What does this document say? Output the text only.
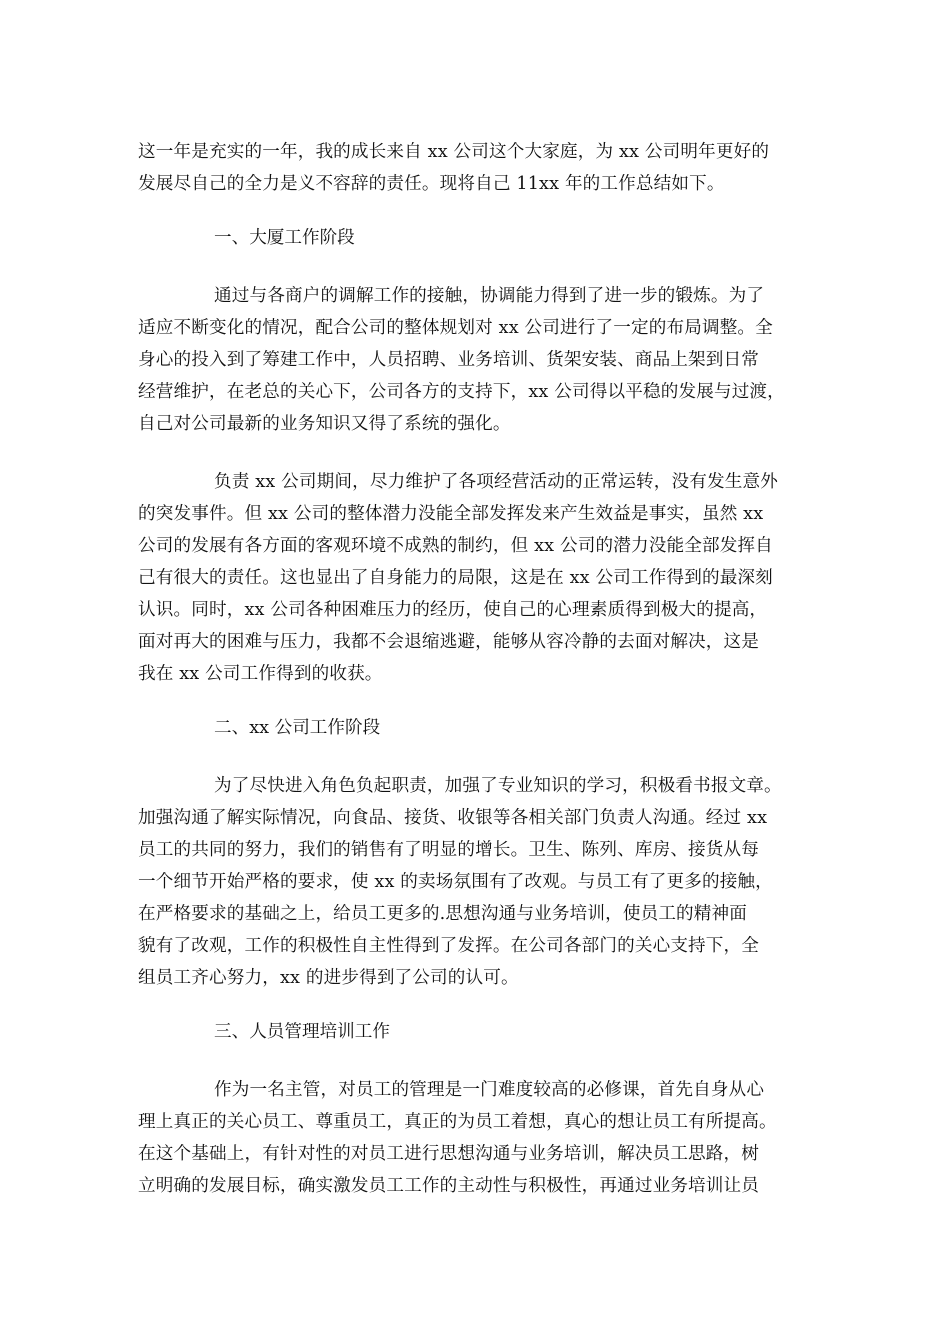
这一年是充实的一年，我的成长来自 xx 公司这个大家庭，为 xx 公司明年更好的
发展尽自己的全力是义不容辞的责任。现将自己 11xx 年的工作总结如下。
一、大厦工作阶段
通过与各商户的调解工作的接触，协调能力得到了进一步的锻炼。为了
适应不断变化的情况，配合公司的整体规划对 xx 公司进行了一定的布局调整。全
身心的投入到了筹建工作中，人员招聘、业务培训、货架安装、商品上架到日常
经营维护，在老总的关心下，公司各方的支持下，xx 公司得以平稳的发展与过渡，
自己对公司最新的业务知识又得了系统的强化。
负责 xx 公司期间，尽力维护了各项经营活动的正常运转，没有发生意外
的突发事件。但 xx 公司的整体潜力没能全部发挥发来产生效益是事实，虽然 xx
公司的发展有各方面的客观环境不成熟的制约，但 xx 公司的潜力没能全部发挥自
己有很大的责任。这也显出了自身能力的局限，这是在 xx 公司工作得到的最深刻
认识。同时，xx 公司各种困难压力的经历，使自己的心理素质得到极大的提高，
面对再大的困难与压力，我都不会退缩逃避，能够从容冷静的去面对解决，这是
我在 xx 公司工作得到的收获。
二、xx 公司工作阶段
为了尽快进入角色负起职责，加强了专业知识的学习，积极看书报文章。
加强沟通了解实际情况，向食品、接货、收银等各相关部门负责人沟通。经过 xx
员工的共同的努力，我们的销售有了明显的增长。卫生、陈列、库房、接货从每
一个细节开始严格的要求，使 xx 的卖场氛围有了改观。与员工有了更多的接触，
在严格要求的基础之上，给员工更多的.思想沟通与业务培训，使员工的精神面
貌有了改观，工作的积极性自主性得到了发挥。在公司各部门的关心支持下，全
组员工齐心努力，xx 的进步得到了公司的认可。
三、人员管理培训工作
作为一名主管，对员工的管理是一门难度较高的必修课，首先自身从心
理上真正的关心员工、尊重员工，真正的为员工着想，真心的想让员工有所提高。
在这个基础上，有针对性的对员工进行思想沟通与业务培训，解决员工思路，树
立明确的发展目标，确实激发员工工作的主动性与积极性，再通过业务培训让员
